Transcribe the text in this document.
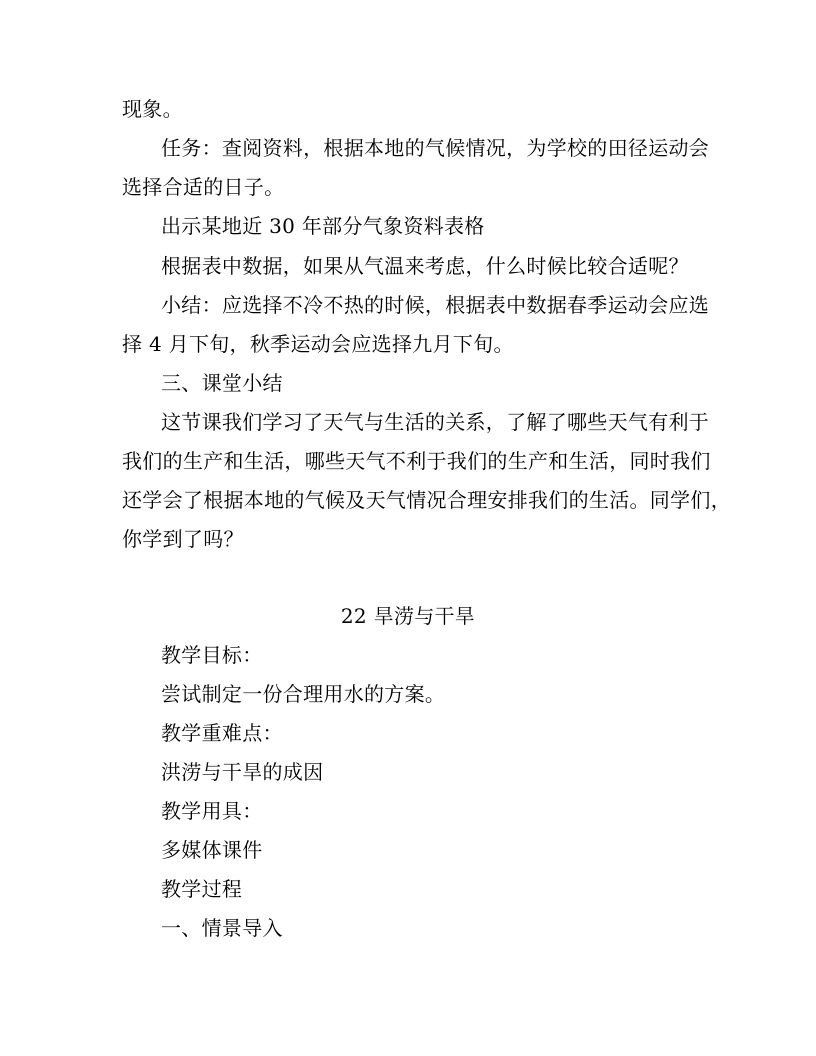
现象。
任务：查阅资料，根据本地的气候情况，为学校的田径运动会
选择合适的日子。
出示某地近 30 年部分气象资料表格
根据表中数据，如果从气温来考虑，什么时候比较合适呢？
小结：应选择不冷不热的时候，根据表中数据春季运动会应选
择 4 月下旬，秋季运动会应选择九月下旬。
三、课堂小结
这节课我们学习了天气与生活的关系，了解了哪些天气有利于
我们的生产和生活，哪些天气不利于我们的生产和生活，同时我们
还学会了根据本地的气候及天气情况合理安排我们的生活。同学们，
你学到了吗？
22 旱涝与干旱
教学目标：
尝试制定一份合理用水的方案。
教学重难点：
洪涝与干旱的成因
教学用具：
多媒体课件
教学过程
一、情景导入
